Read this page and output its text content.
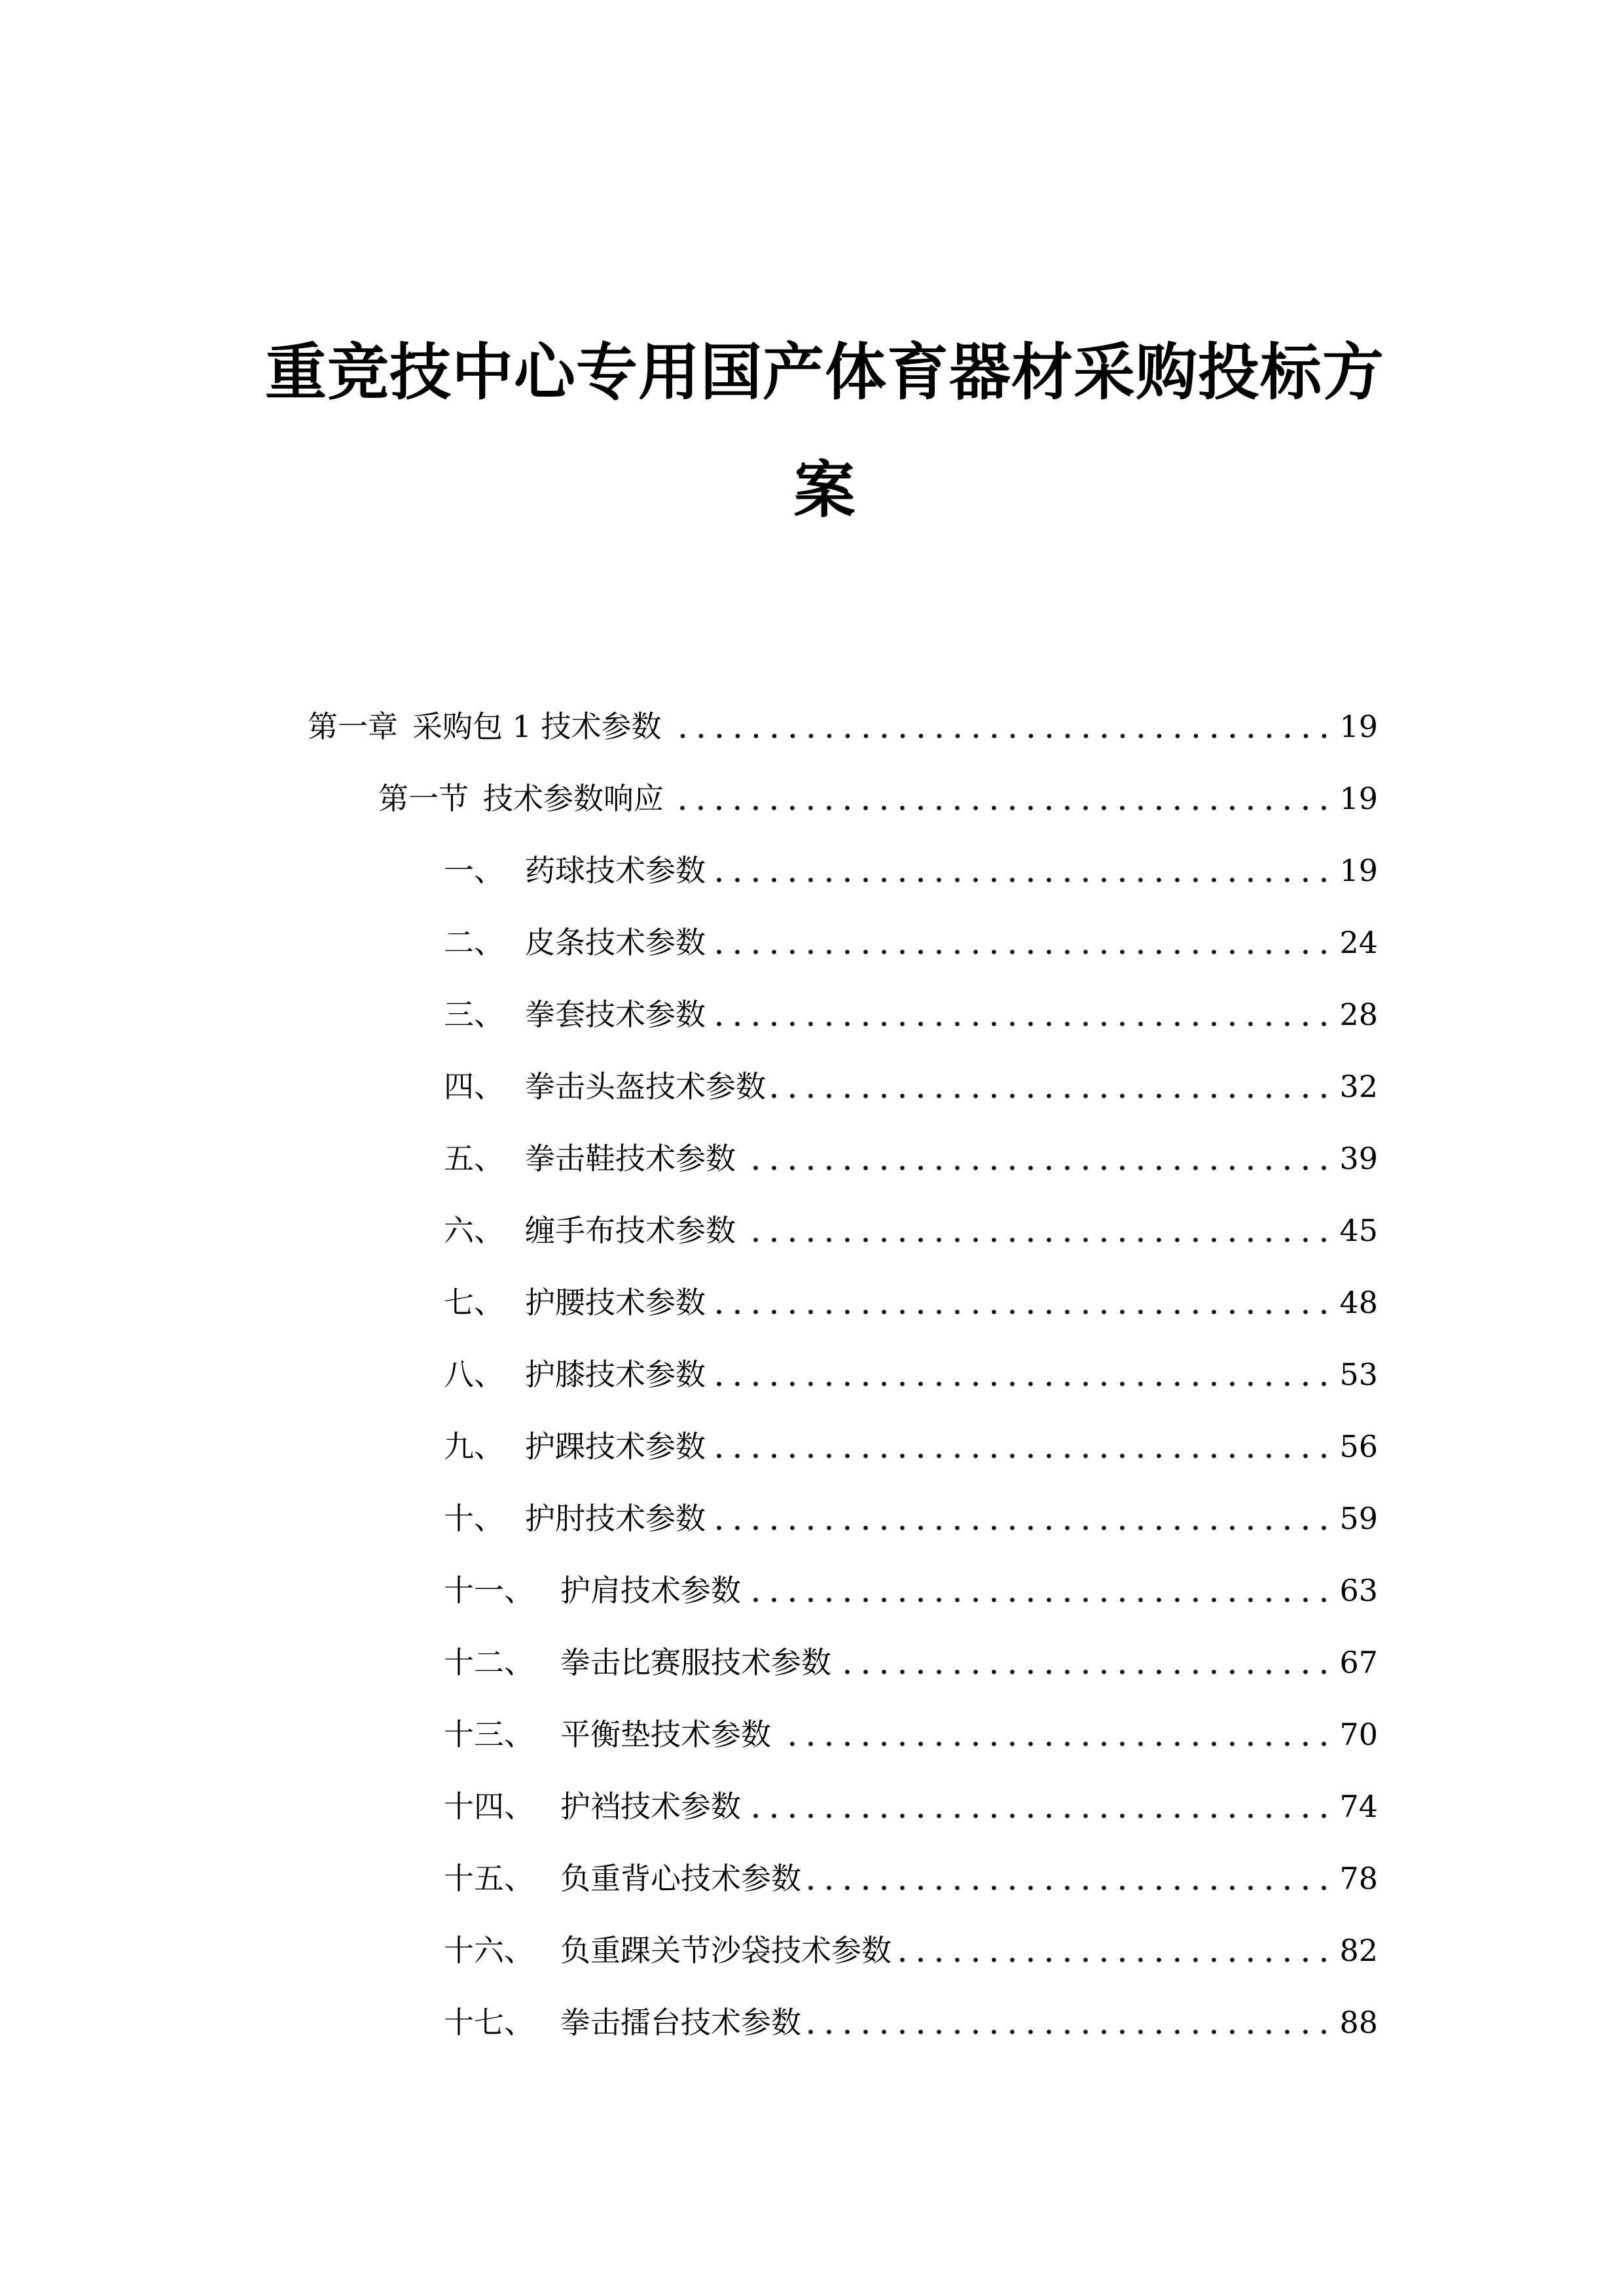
重竞技中心专用国产体育器材采购投标方
案
第一章 采购包 1 技术参数	19
第一节 技术参数响应	19
一、 药球技术参数	19
二、 皮条技术参数	24
三、 拳套技术参数	28
四、 拳击头盔技术参数	32
五、 拳击鞋技术参数	39
六、 缠手布技术参数	45
七、 护腰技术参数	48
八、 护膝技术参数	53
九、 护踝技术参数	56
十、 护肘技术参数	59
十一、 护肩技术参数	63
十二、 拳击比赛服技术参数	67
十三、 平衡垫技术参数	70
十四、 护裆技术参数	74
十五、 负重背心技术参数	78
十六、 负重踝关节沙袋技术参数	82
十七、 拳击擂台技术参数	88
